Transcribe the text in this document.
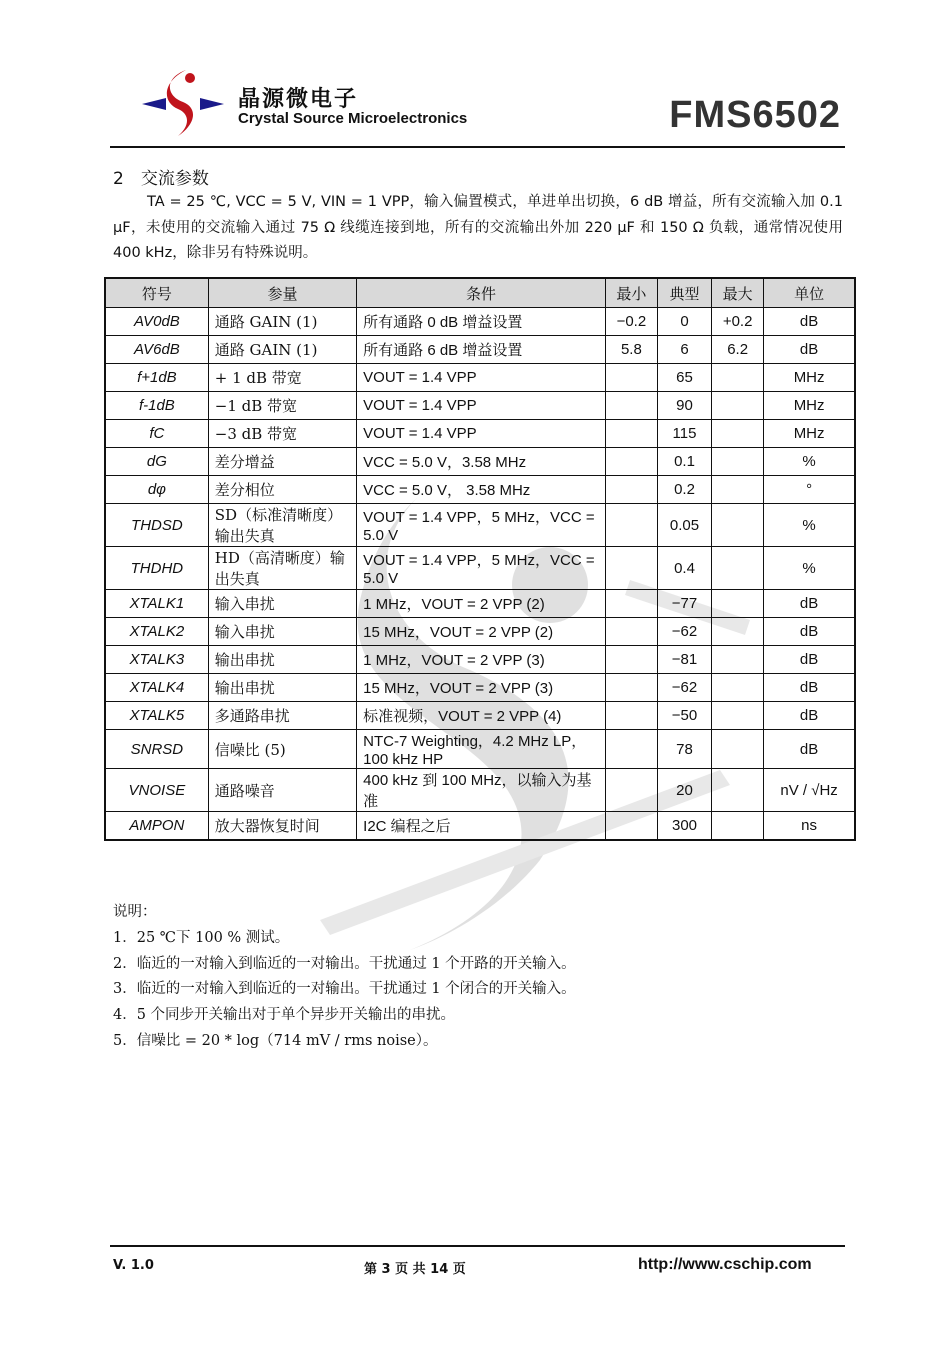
晶源微电子
Crystal Source Microelectronics	FMS6502
2　交流参数

TA = 25 ℃, VCC = 5 V, VIN = 1 VPP，输入偏置模式，单进单出切换，6 dB 增益，所有交流输入加 0.1 μF，未使用的交流输入通过 75 Ω 线缆连接到地，所有的交流输出外加 220 μF 和 150 Ω 负载，通常情况使用 400 kHz，除非另有特殊说明。

符号	参量	条件	最小	典型	最大	单位
AV0dB	通路 GAIN (1)	所有通路 0 dB 增益设置	−0.2	0	+0.2	dB
AV6dB	通路 GAIN (1)	所有通路 6 dB 增益设置	5.8	6	6.2	dB
f+1dB	+ 1 dB 带宽	VOUT = 1.4 VPP		65		MHz
f-1dB	−1 dB 带宽	VOUT = 1.4 VPP		90		MHz
fC	−3 dB 带宽	VOUT = 1.4 VPP		115		MHz
dG	差分增益	VCC = 5.0 V，3.58 MHz		0.1		%
dφ	差分相位	VCC = 5.0 V， 3.58 MHz		0.2		°
THDSD	SD（标准清晰度）输出失真	VOUT = 1.4 VPP，5 MHz，VCC = 5.0 V		0.05		%
THDHD	HD（高清晰度）输出失真	VOUT = 1.4 VPP，5 MHz，VCC = 5.0 V		0.4		%
XTALK1	输入串扰	1 MHz，VOUT = 2 VPP (2)		−77		dB
XTALK2	输入串扰	15 MHz，VOUT = 2 VPP (2)		−62		dB
XTALK3	输出串扰	1 MHz，VOUT = 2 VPP (3)		−81		dB
XTALK4	输出串扰	15 MHz，VOUT = 2 VPP (3)		−62		dB
XTALK5	多通路串扰	标准视频，VOUT = 2 VPP (4)		−50		dB
SNRSD	信噪比 (5)	NTC-7 Weighting，4.2 MHz LP，100 kHz HP		78		dB
VNOISE	通路噪音	400 kHz 到 100 MHz，以输入为基准		20		nV / √Hz
AMPON	放大器恢复时间	I2C 编程之后		300		ns
说明：
1．25 ℃下 100 % 测试。
2．临近的一对输入到临近的一对输出。干扰通过 1 个开路的开关输入。
3．临近的一对输入到临近的一对输出。干扰通过 1 个闭合的开关输入。
4．5 个同步开关输出对于单个异步开关输出的串扰。
5．信噪比 = 20 * log（714 mV / rms noise）。
V. 1.0	第 3 页 共 14 页	http://www.cschip.com
